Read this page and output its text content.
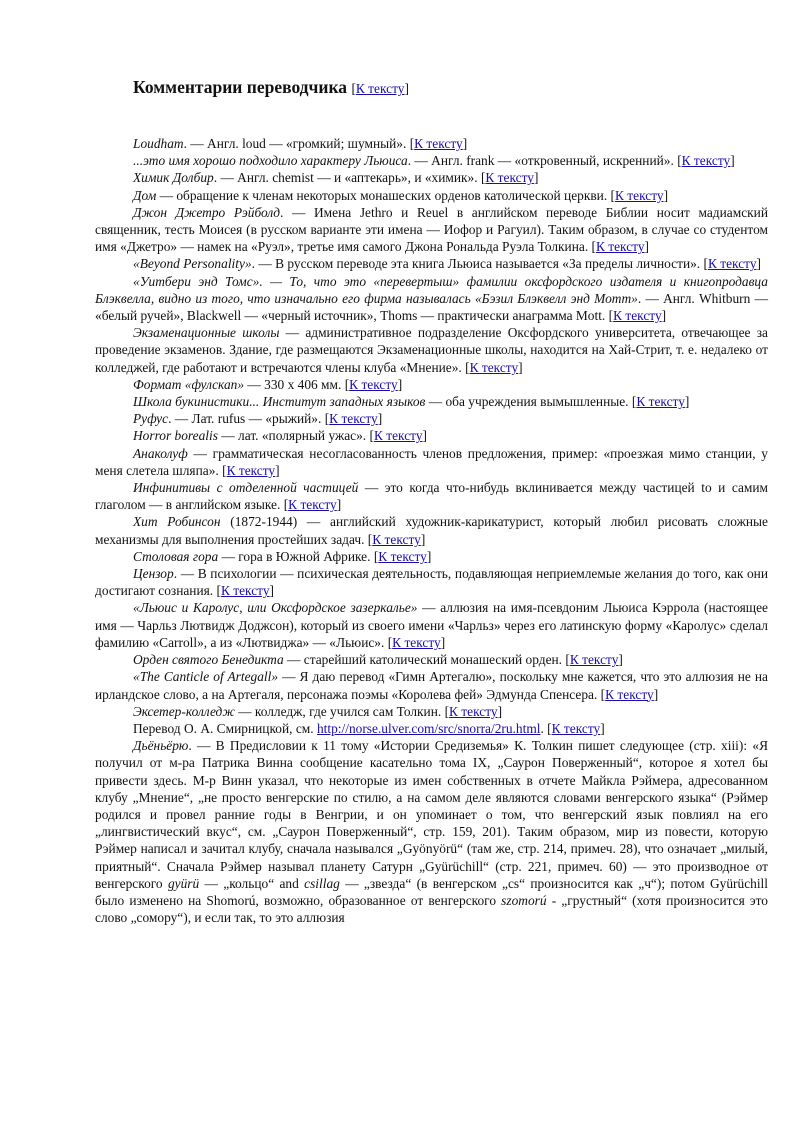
Комментарии переводчика [К тексту]

Loudham. — Англ. loud — «громкий; шумный». [К тексту]

...это имя хорошо подходило характеру Льюиса. — Англ. frank — «откровенный, искренний». [К тексту]

Химик Долбир. — Англ. chemist — и «аптекарь», и «химик». [К тексту]

Дом — обращение к членам некоторых монашеских орденов католической церкви. [К тексту]

Джон Джетро Рэйболд. — Имена Jethro и Reuel в английском переводе Библии носит мадиамский священник, тесть Моисея (в русском варианте эти имена — Иофор и Рагуил). Таким образом, в случае со студентом имя «Джетро» — намек на «Руэл», третье имя самого Джона Рональда Руэла Толкина. [К тексту]

«Beyond Personality». — В русском переводе эта книга Льюиса называется «За пределы личности». [К тексту]

«Уитбери энд Томс». — То, что это «перевертыш» фамилии оксфордского издателя и книгопродавца Блэквелла, видно из того, что изначально его фирма называлась «Бэзил Блэквелл энд Мотт». — Англ. Whitburn — «белый ручей», Blackwell — «черный источник», Thoms — практически анаграмма Mott. [К тексту]

Экзаменационные школы — административное подразделение Оксфордского университета, отвечающее за проведение экзаменов. Здание, где размещаются Экзаменационные школы, находится на Хай-Стрит, т. е. недалеко от колледжей, где работают и встречаются члены клуба «Мнение». [К тексту]

Формат «фулскап» — 330 x 406 мм. [К тексту]

Школа букинистики... Институт западных языков — оба учреждения вымышленные. [К тексту]

Руфус. — Лат. rufus — «рыжий». [К тексту]

Horror borealis — лат. «полярный ужас». [К тексту]

Анаколуф — грамматическая несогласованность членов предложения, пример: «проезжая мимо станции, у меня слетела шляпа». [К тексту]

Инфинитивы с отделенной частицей — это когда что-нибудь вклинивается между частицей to и самим глаголом — в английском языке. [К тексту]

Хит Робинсон (1872-1944) — английский художник-карикатурист, который любил рисовать сложные механизмы для выполнения простейших задач. [К тексту]

Столовая гора — гора в Южной Африке. [К тексту]

Цензор. — В психологии — психическая деятельность, подавляющая неприемлемые желания до того, как они достигают сознания. [К тексту]

«Льюис и Каролус, или Оксфордское зазеркалье» — аллюзия на имя-псевдоним Льюиса Кэррола (настоящее имя — Чарльз Лютвидж Доджсон), который из своего имени «Чарльз» через его латинскую форму «Каролус» сделал фамилию «Carroll», а из «Лютвиджа» — «Льюис». [К тексту]

Орден святого Бенедикта — старейший католический монашеский орден. [К тексту]

«The Canticle of Artegall» — Я даю перевод «Гимн Артегалю», поскольку мне кажется, что это аллюзия не на ирландское слово, а на Артегаля, персонажа поэмы «Королева фей» Эдмунда Спенсера. [К тексту]

Эксетер-колледж — колледж, где учился сам Толкин. [К тексту]

Перевод О. А. Смирницкой, см. http://norse.ulver.com/src/snorra/2ru.html. [К тексту]

Дьёньёрю. — В Предисловии к 11 тому «Истории Средиземья» К. Толкин пишет следующее (стр. xiii): «Я получил от м-ра Патрика Винна сообщение касательно тома IX, „Саурон Поверженный“, которое я хотел бы привести здесь. М-р Винн указал, что некоторые из имен собственных в отчете Майкла Рэймера, адресованном клубу „Мнение“, „не просто венгерские по стилю, а на самом деле являются словами венгерского языка“ (Рэймер родился и провел ранние годы в Венгрии, и он упоминает о том, что венгерский язык повлиял на его „лингвистический вкус“, см. „Саурон Поверженный“, стр. 159, 201). Таким образом, мир из повести, которую Рэймер написал и зачитал клубу, сначала назывался „Gyönyörü“ (там же, стр. 214, примеч. 28), что означает „милый, приятный“. Сначала Рэймер называл планету Сатурн „Gyürüchill“ (стр. 221, примеч. 60) — это производное от венгерского gyürü — „кольцо“ and csillag — „звезда“ (в венгерском „cs“ произносится как „ч“); потом Gyürüchill было изменено на Shomorú, возможно, образованное от венгерского szomorú - „грустный“ (хотя произносится это слово „сомору“), и если так, то это аллюзия
